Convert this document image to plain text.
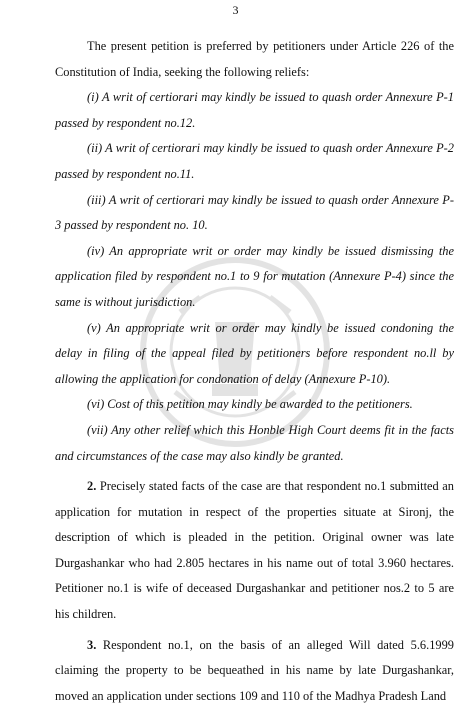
3

The present petition is preferred by petitioners under Article 226 of the Constitution of India, seeking the following reliefs:

(i) A writ of certiorari may kindly be issued to quash order Annexure P-1 passed by respondent no.12.

(ii) A writ of certiorari may kindly be issued to quash order Annexure P-2 passed by respondent no.11.

(iii) A writ of certiorari may kindly be issued to quash order Annexure P-3 passed by respondent no. 10.

(iv) An appropriate writ or order may kindly be issued dismissing the application filed by respondent no.1 to 9 for mutation (Annexure P-4) since the same is without jurisdiction.

(v) An appropriate writ or order may kindly be issued condoning the delay in filing of the appeal filed by petitioners before respondent no.ll by allowing the application for condonation of delay (Annexure P-10).

(vi) Cost of this petition may kindly be awarded to the petitioners.

(vii) Any other relief which this Honble High Court deems fit in the facts and circumstances of the case may also kindly be granted.

2. Precisely stated facts of the case are that respondent no.1 submitted an application for mutation in respect of the properties situate at Sironj, the description of which is pleaded in the petition. Original owner was late Durgashankar who had 2.805 hectares in his name out of total 3.960 hectares. Petitioner no.1 is wife of deceased Durgashankar and petitioner nos.2 to 5 are his children.

3. Respondent no.1, on the basis of an alleged Will dated 5.6.1999 claiming the property to be bequeathed in his name by late Durgashankar, moved an application under sections 109 and 110 of the Madhya Pradesh Land
